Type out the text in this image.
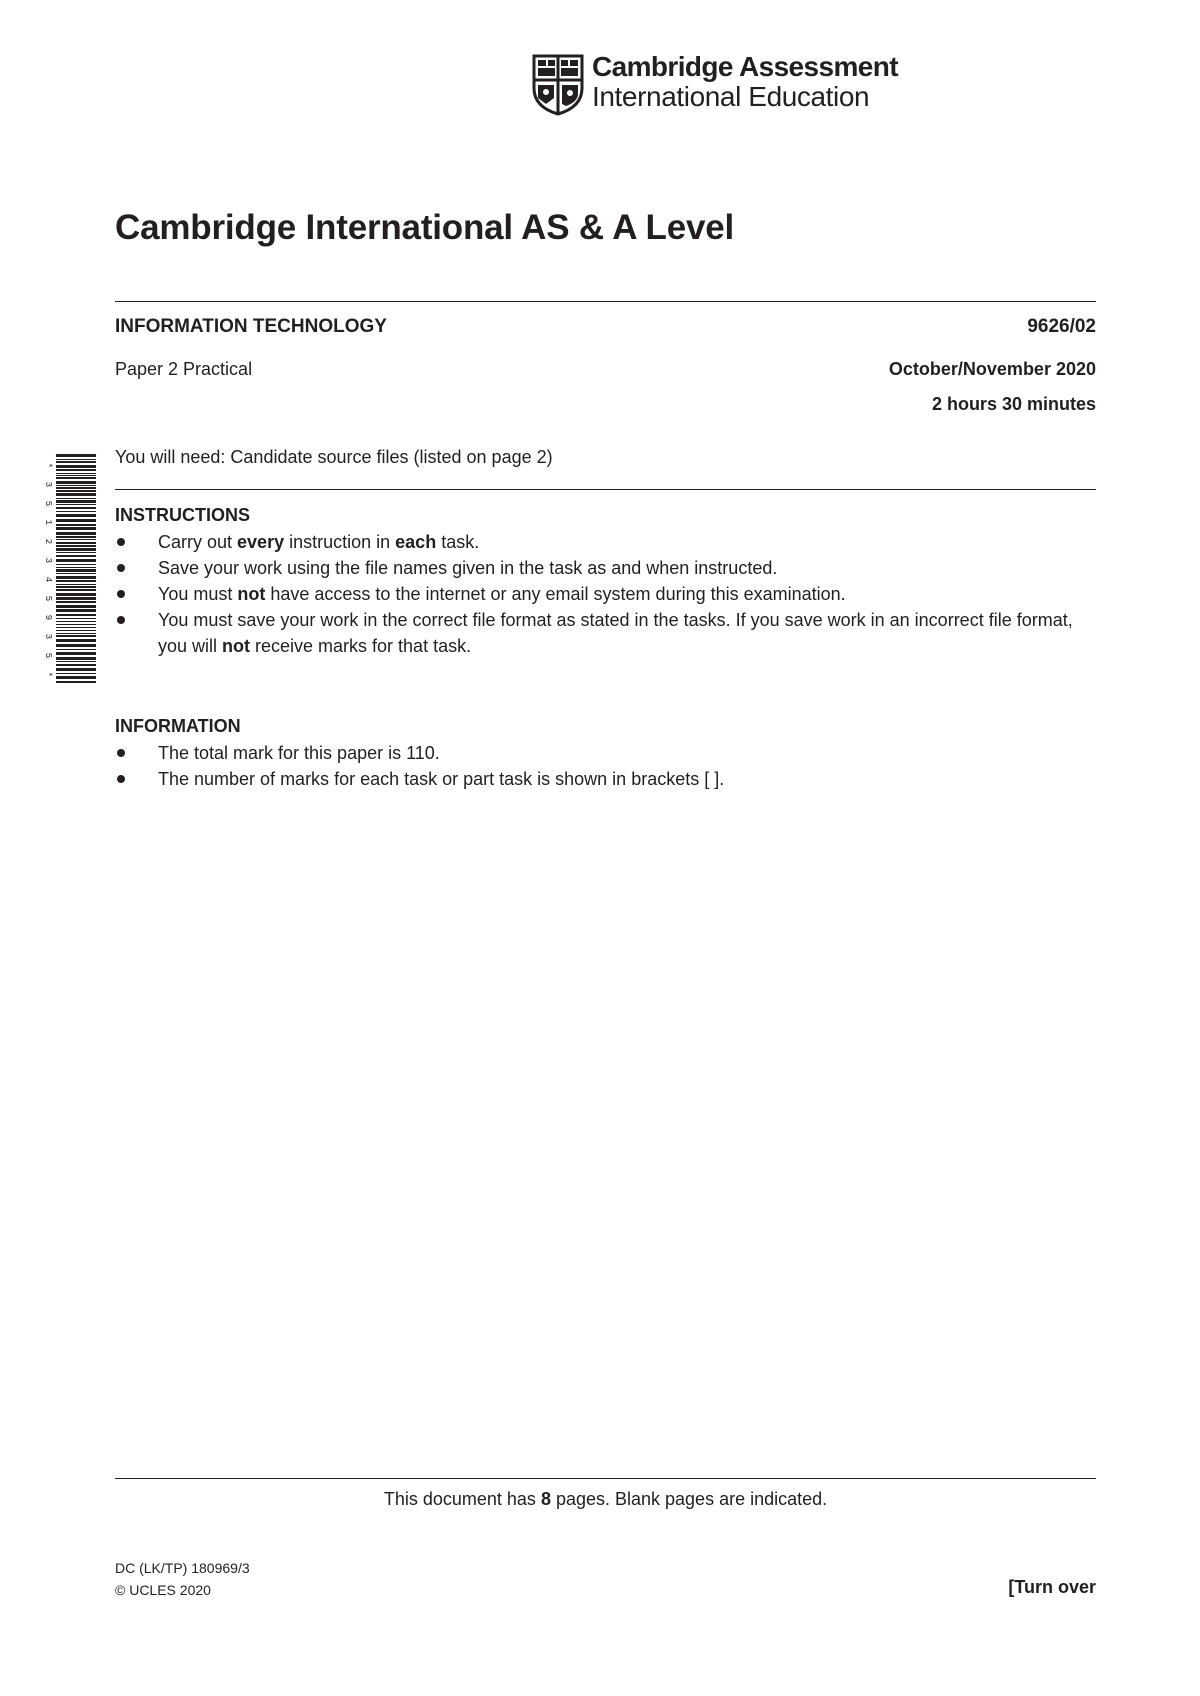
Cambridge Assessment
International Education
Cambridge International AS & A Level
INFORMATION TECHNOLOGY	9626/02
Paper 2 Practical	October/November 2020
2 hours 30 minutes
You will need: Candidate source files (listed on page 2)
*
3
5
1
2
3
4
5
9
3
5
*
INSTRUCTIONS
Carry out every instruction in each task.
Save your work using the file names given in the task as and when instructed.
You must not have access to the internet or any email system during this examination.
You must save your work in the correct file format as stated in the tasks. If you save work in an incorrect file format, you will not receive marks for that task.
INFORMATION
The total mark for this paper is 110.
The number of marks for each task or part task is shown in brackets [ ].
This document has 8 pages. Blank pages are indicated.
DC (LK/TP) 180969/3
© UCLES 2020	[Turn over
